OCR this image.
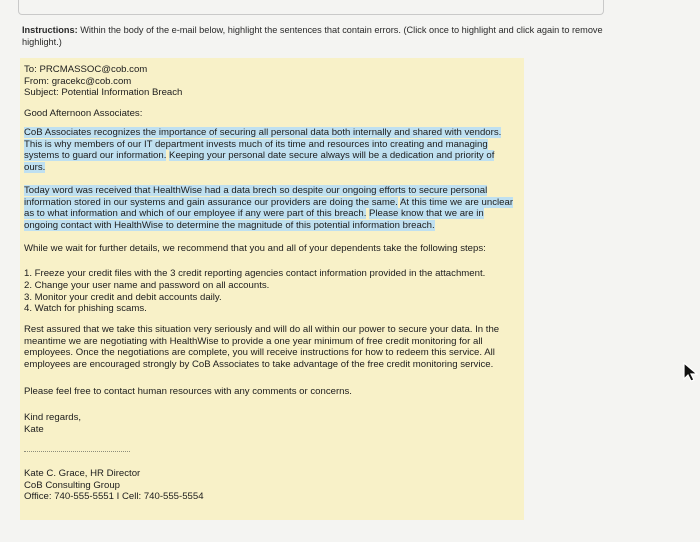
Instructions: Within the body of the e-mail below, highlight the sentences that contain errors. (Click once to highlight and click again to remove highlight.)
To: PRCMASSOC@cob.com
From: gracekc@cob.com
Subject: Potential Information Breach
Good Afternoon Associates:
CoB Associates recognizes the importance of securing all personal data both internally and shared with vendors. This is why members of our IT department invests much of its time and resources into creating and managing systems to guard our information. Keeping your personal date secure always will be a dedication and priority of ours.
Today word was received that HealthWise had a data brech so despite our ongoing efforts to secure personal information stored in our systems and gain assurance our providers are doing the same. At this time we are unclear as to what information and which of our employee if any were part of this breach. Please know that we are in ongoing contact with HealthWise to determine the magnitude of this potential information breach.
While we wait for further details, we recommend that you and all of your dependents take the following steps:
1. Freeze your credit files with the 3 credit reporting agencies contact information provided in the attachment.
2. Change your user name and password on all accounts.
3. Monitor your credit and debit accounts daily.
4. Watch for phishing scams.
Rest assured that we take this situation very seriously and will do all within our power to secure your data. In the meantime we are negotiating with HealthWise to provide a one year minimum of free credit monitoring for all employees. Once the negotiations are complete, you will receive instructions for how to redeem this service. All employees are encouraged strongly by CoB Associates to take advantage of the free credit monitoring service.
Please feel free to contact human resources with any comments or concerns.
Kind regards,
Kate
Kate C. Grace, HR Director
CoB Consulting Group
Office: 740-555-5551 I Cell: 740-555-5554
